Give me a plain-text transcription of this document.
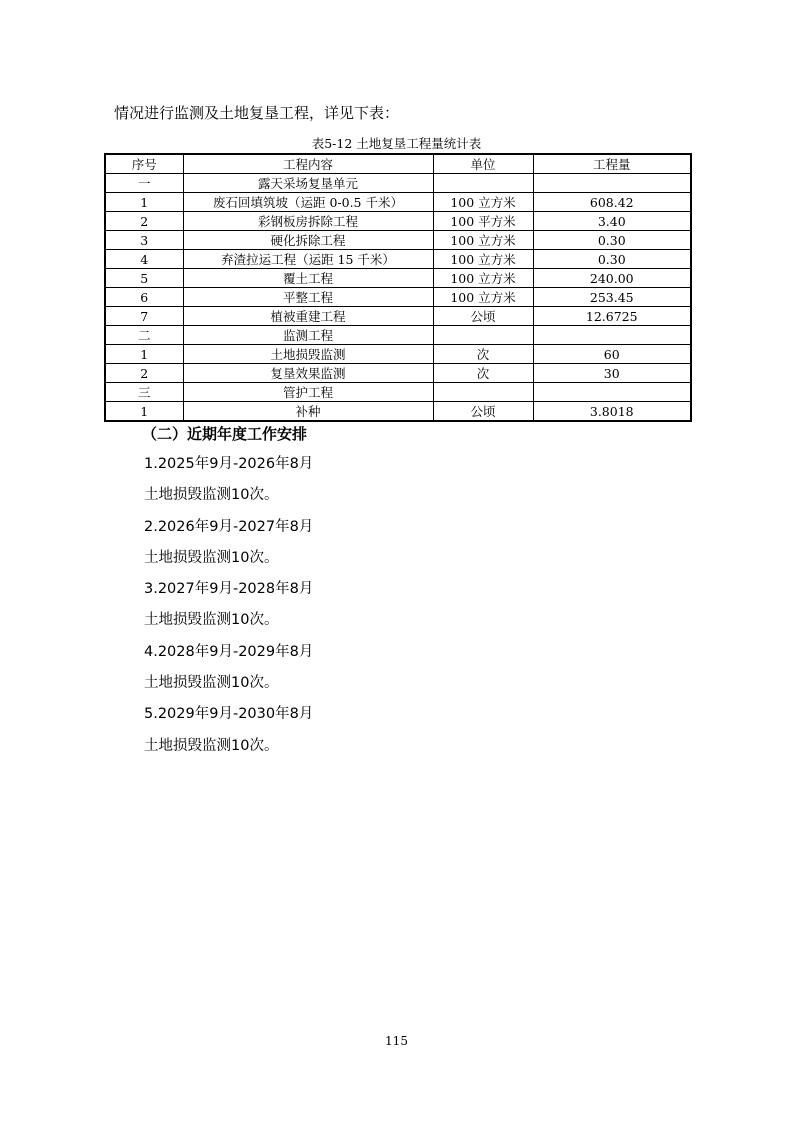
情况进行监测及土地复垦工程，详见下表：
表5-12 土地复垦工程量统计表
序号	工程内容	单位	工程量
一	露天采场复垦单元		
1	废石回填筑坡（运距 0-0.5 千米）	100 立方米	608.42
2	彩钢板房拆除工程	100 平方米	3.40
3	硬化拆除工程	100 立方米	0.30
4	弃渣拉运工程（运距 15 千米）	100 立方米	0.30
5	覆土工程	100 立方米	240.00
6	平整工程	100 立方米	253.45
7	植被重建工程	公顷	12.6725
二	监测工程		
1	土地损毁监测	次	60
2	复垦效果监测	次	30
三	管护工程		
1	补种	公顷	3.8018
（二）近期年度工作安排
1.2025年9月-2026年8月
土地损毁监测10次。
2.2026年9月-2027年8月
土地损毁监测10次。
3.2027年9月-2028年8月
土地损毁监测10次。
4.2028年9月-2029年8月
土地损毁监测10次。
5.2029年9月-2030年8月
土地损毁监测10次。
115
